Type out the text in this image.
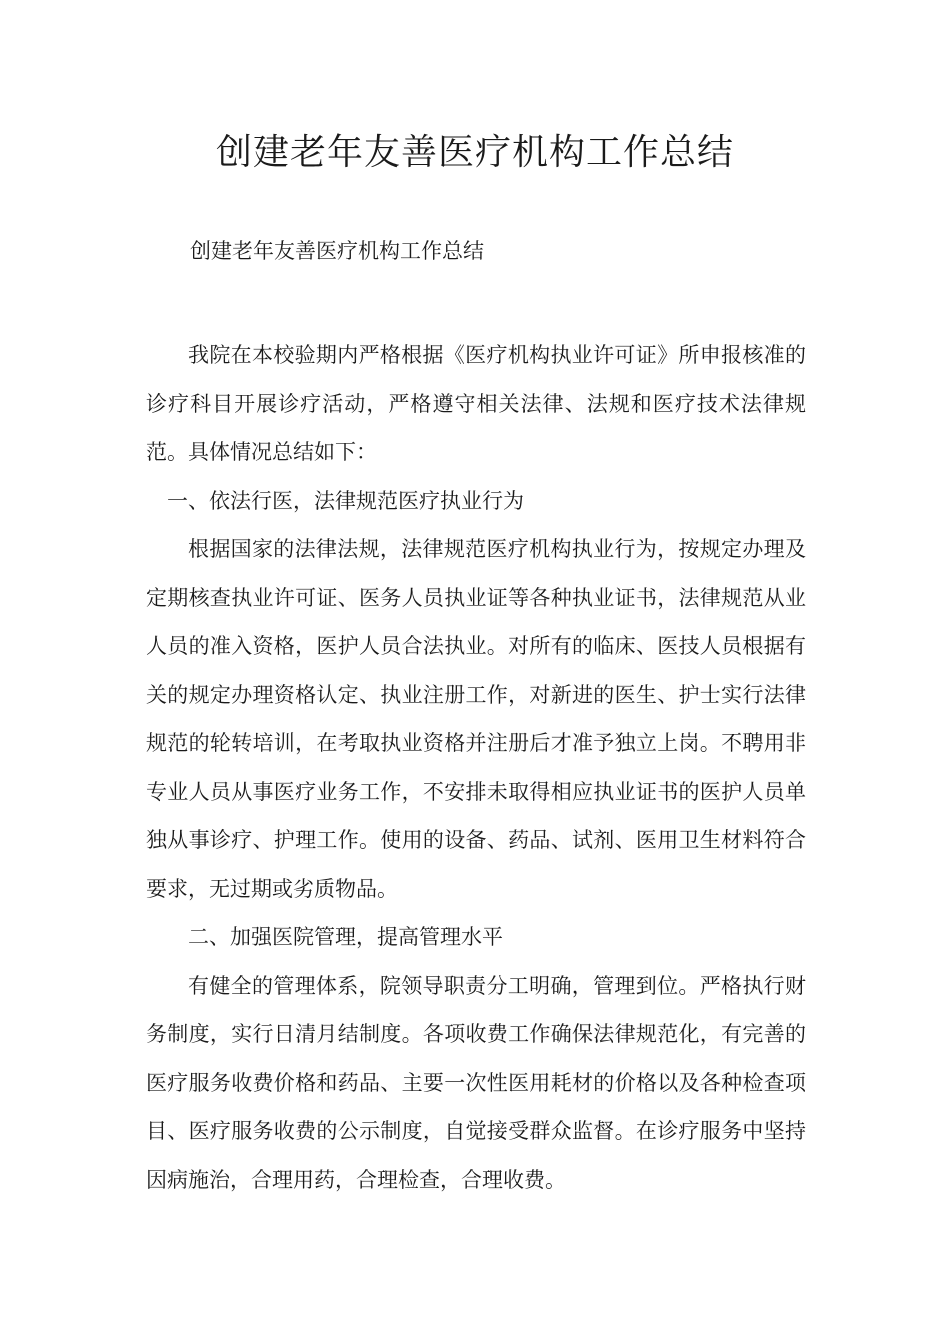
创建老年友善医疗机构工作总结

创建老年友善医疗机构工作总结

我院在本校验期内严格根据《医疗机构执业许可证》所申报核准的诊疗科目开展诊疗活动，严格遵守相关法律、法规和医疗技术法律规范。具体情况总结如下：

一、依法行医，法律规范医疗执业行为

根据国家的法律法规，法律规范医疗机构执业行为，按规定办理及定期核查执业许可证、医务人员执业证等各种执业证书，法律规范从业人员的准入资格，医护人员合法执业。对所有的临床、医技人员根据有关的规定办理资格认定、执业注册工作，对新进的医生、护士实行法律规范的轮转培训，在考取执业资格并注册后才准予独立上岗。不聘用非专业人员从事医疗业务工作，不安排未取得相应执业证书的医护人员单独从事诊疗、护理工作。使用的设备、药品、试剂、医用卫生材料符合要求，无过期或劣质物品。

二、加强医院管理，提高管理水平

有健全的管理体系，院领导职责分工明确，管理到位。严格执行财务制度，实行日清月结制度。各项收费工作确保法律规范化，有完善的医疗服务收费价格和药品、主要一次性医用耗材的价格以及各种检查项目、医疗服务收费的公示制度，自觉接受群众监督。在诊疗服务中坚持因病施治，合理用药，合理检查，合理收费。
